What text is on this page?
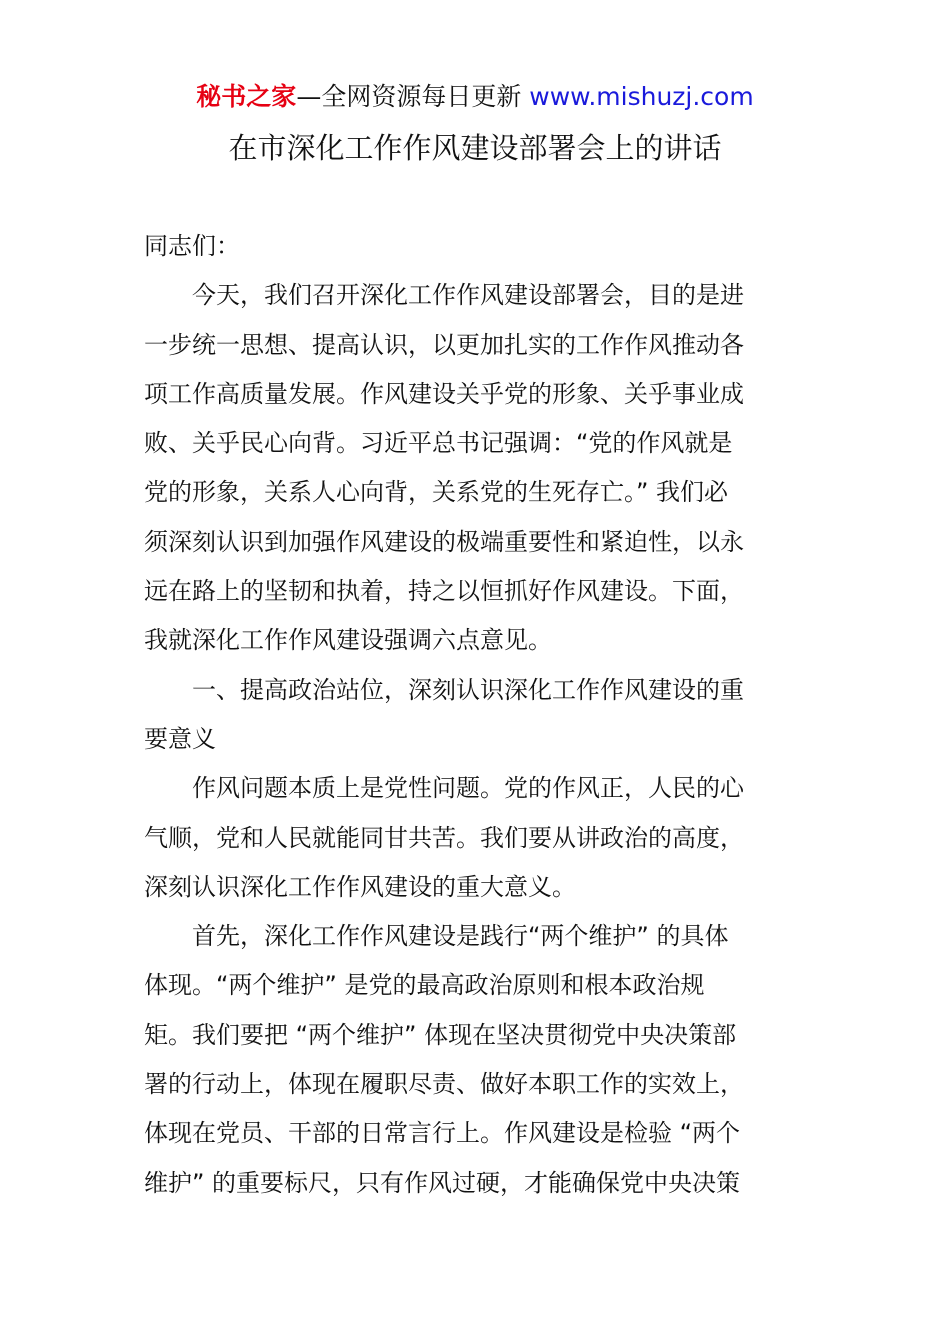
秘书之家—全网资源每日更新 www.mishuzj.com
在市深化工作作风建设部署会上的讲话
同志们：
今天，我们召开深化工作作风建设部署会，目的是进
一步统一思想、提高认识，以更加扎实的工作作风推动各
项工作高质量发展。作风建设关乎党的形象、关乎事业成
败、关乎民心向背。习近平总书记强调：“党的作风就是
党的形象，关系人心向背，关系党的生死存亡。” 我们必
须深刻认识到加强作风建设的极端重要性和紧迫性，以永
远在路上的坚韧和执着，持之以恒抓好作风建设。下面，
我就深化工作作风建设强调六点意见。
一、提高政治站位，深刻认识深化工作作风建设的重
要意义
作风问题本质上是党性问题。党的作风正，人民的心
气顺，党和人民就能同甘共苦。我们要从讲政治的高度，
深刻认识深化工作作风建设的重大意义。
首先，深化工作作风建设是践行“两个维护” 的具体
体现。“两个维护” 是党的最高政治原则和根本政治规
矩。我们要把 “两个维护” 体现在坚决贯彻党中央决策部
署的行动上，体现在履职尽责、做好本职工作的实效上，
体现在党员、干部的日常言行上。作风建设是检验 “两个
维护” 的重要标尺，只有作风过硬，才能确保党中央决策
